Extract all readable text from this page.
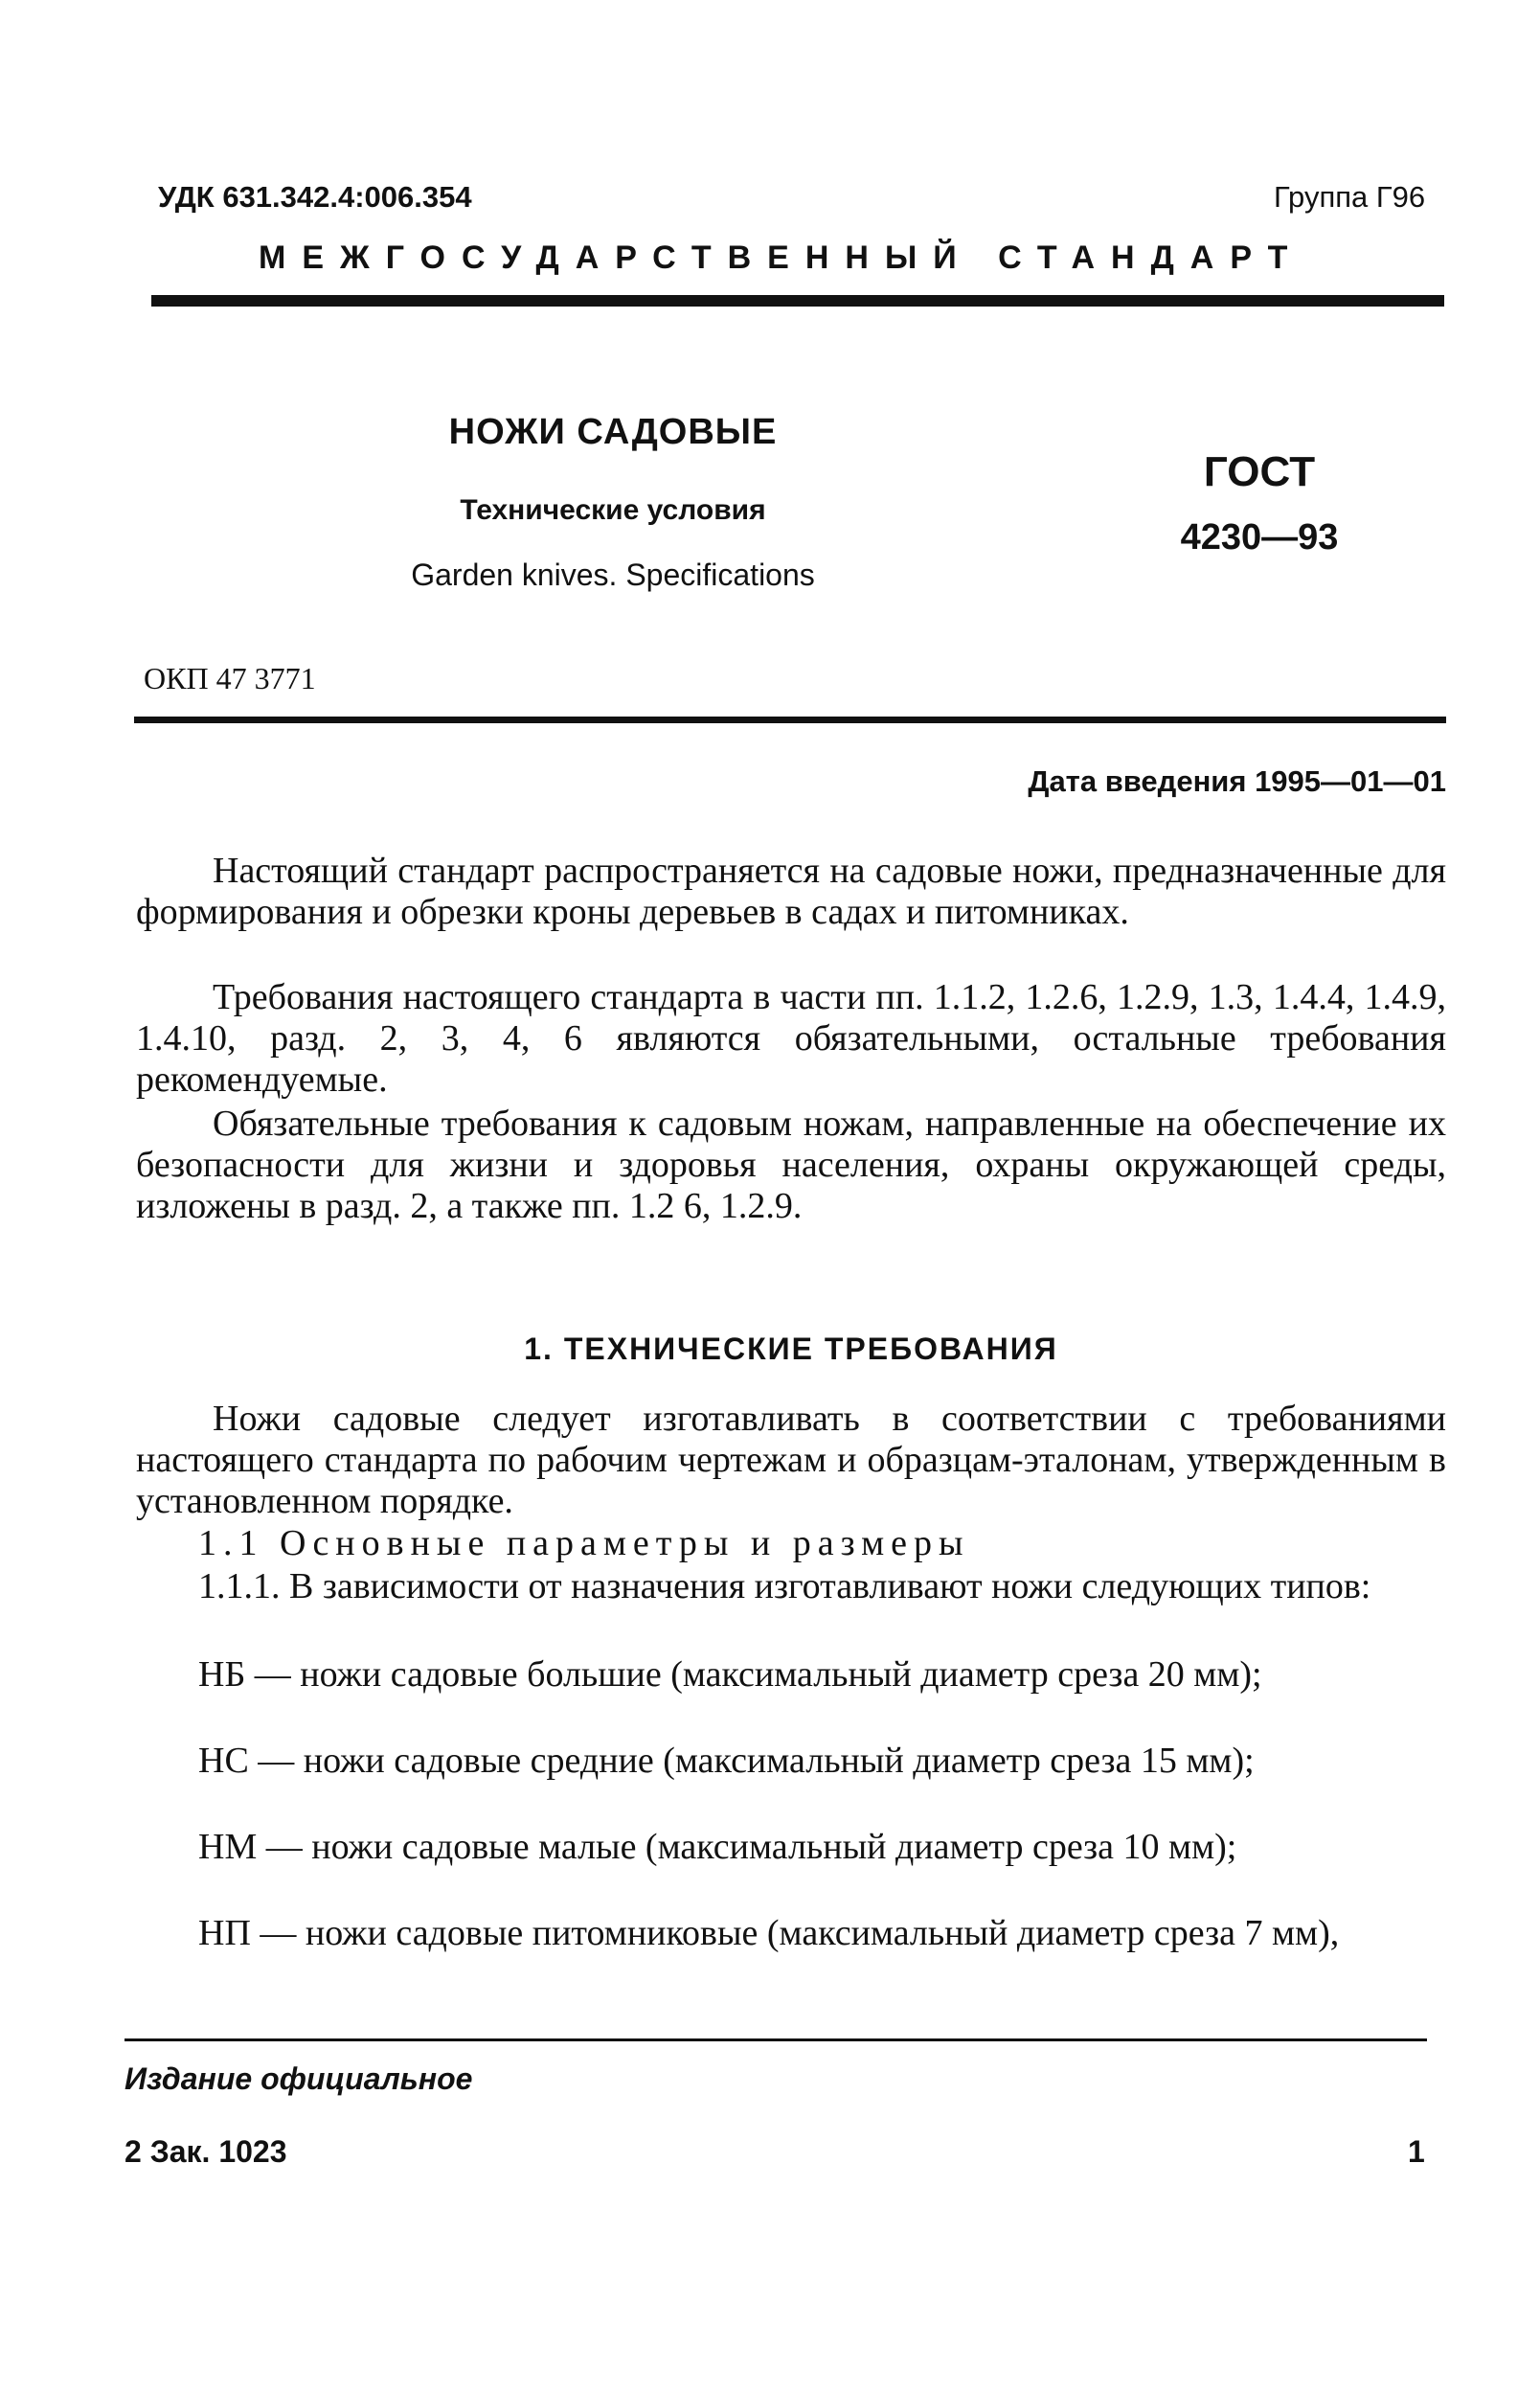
УДК 631.342.4:006.354	Группа Г96
МЕЖГОСУДАРСТВЕННЫЙ СТАНДАРТ
НОЖИ САДОВЫЕ
Технические условия
Garden knives. Specifications
ГОСТ
4230—93
ОКП 47 3771
Дата введения 1995—01—01
Настоящий стандарт распространяется на садовые ножи, предназначенные для формирования и обрезки кроны деревьев в садах и питомниках.
Требования настоящего стандарта в части пп. 1.1.2, 1.2.6, 1.2.9, 1.3, 1.4.4, 1.4.9, 1.4.10, разд. 2, 3, 4, 6 являются обязательными, остальные требования рекомендуемые.
Обязательные требования к садовым ножам, направленные на обеспечение их безопасности для жизни и здоровья населения, охраны окружающей среды, изложены в разд. 2, а также пп. 1.2 6, 1.2.9.
1. ТЕХНИЧЕСКИЕ ТРЕБОВАНИЯ
Ножи садовые следует изготавливать в соответствии с требованиями настоящего стандарта по рабочим чертежам и образцам-эталонам, утвержденным в установленном порядке.
1.1 Основные параметры и размеры
1.1.1. В зависимости от назначения изготавливают ножи следующих типов:
НБ — ножи садовые большие (максимальный диаметр среза 20 мм);
НС — ножи садовые средние (максимальный диаметр среза 15 мм);
НМ — ножи садовые малые (максимальный диаметр среза 10 мм);
НП — ножи садовые питомниковые (максимальный диаметр среза 7 мм),
Издание официальное
2 Зак. 1023	1
